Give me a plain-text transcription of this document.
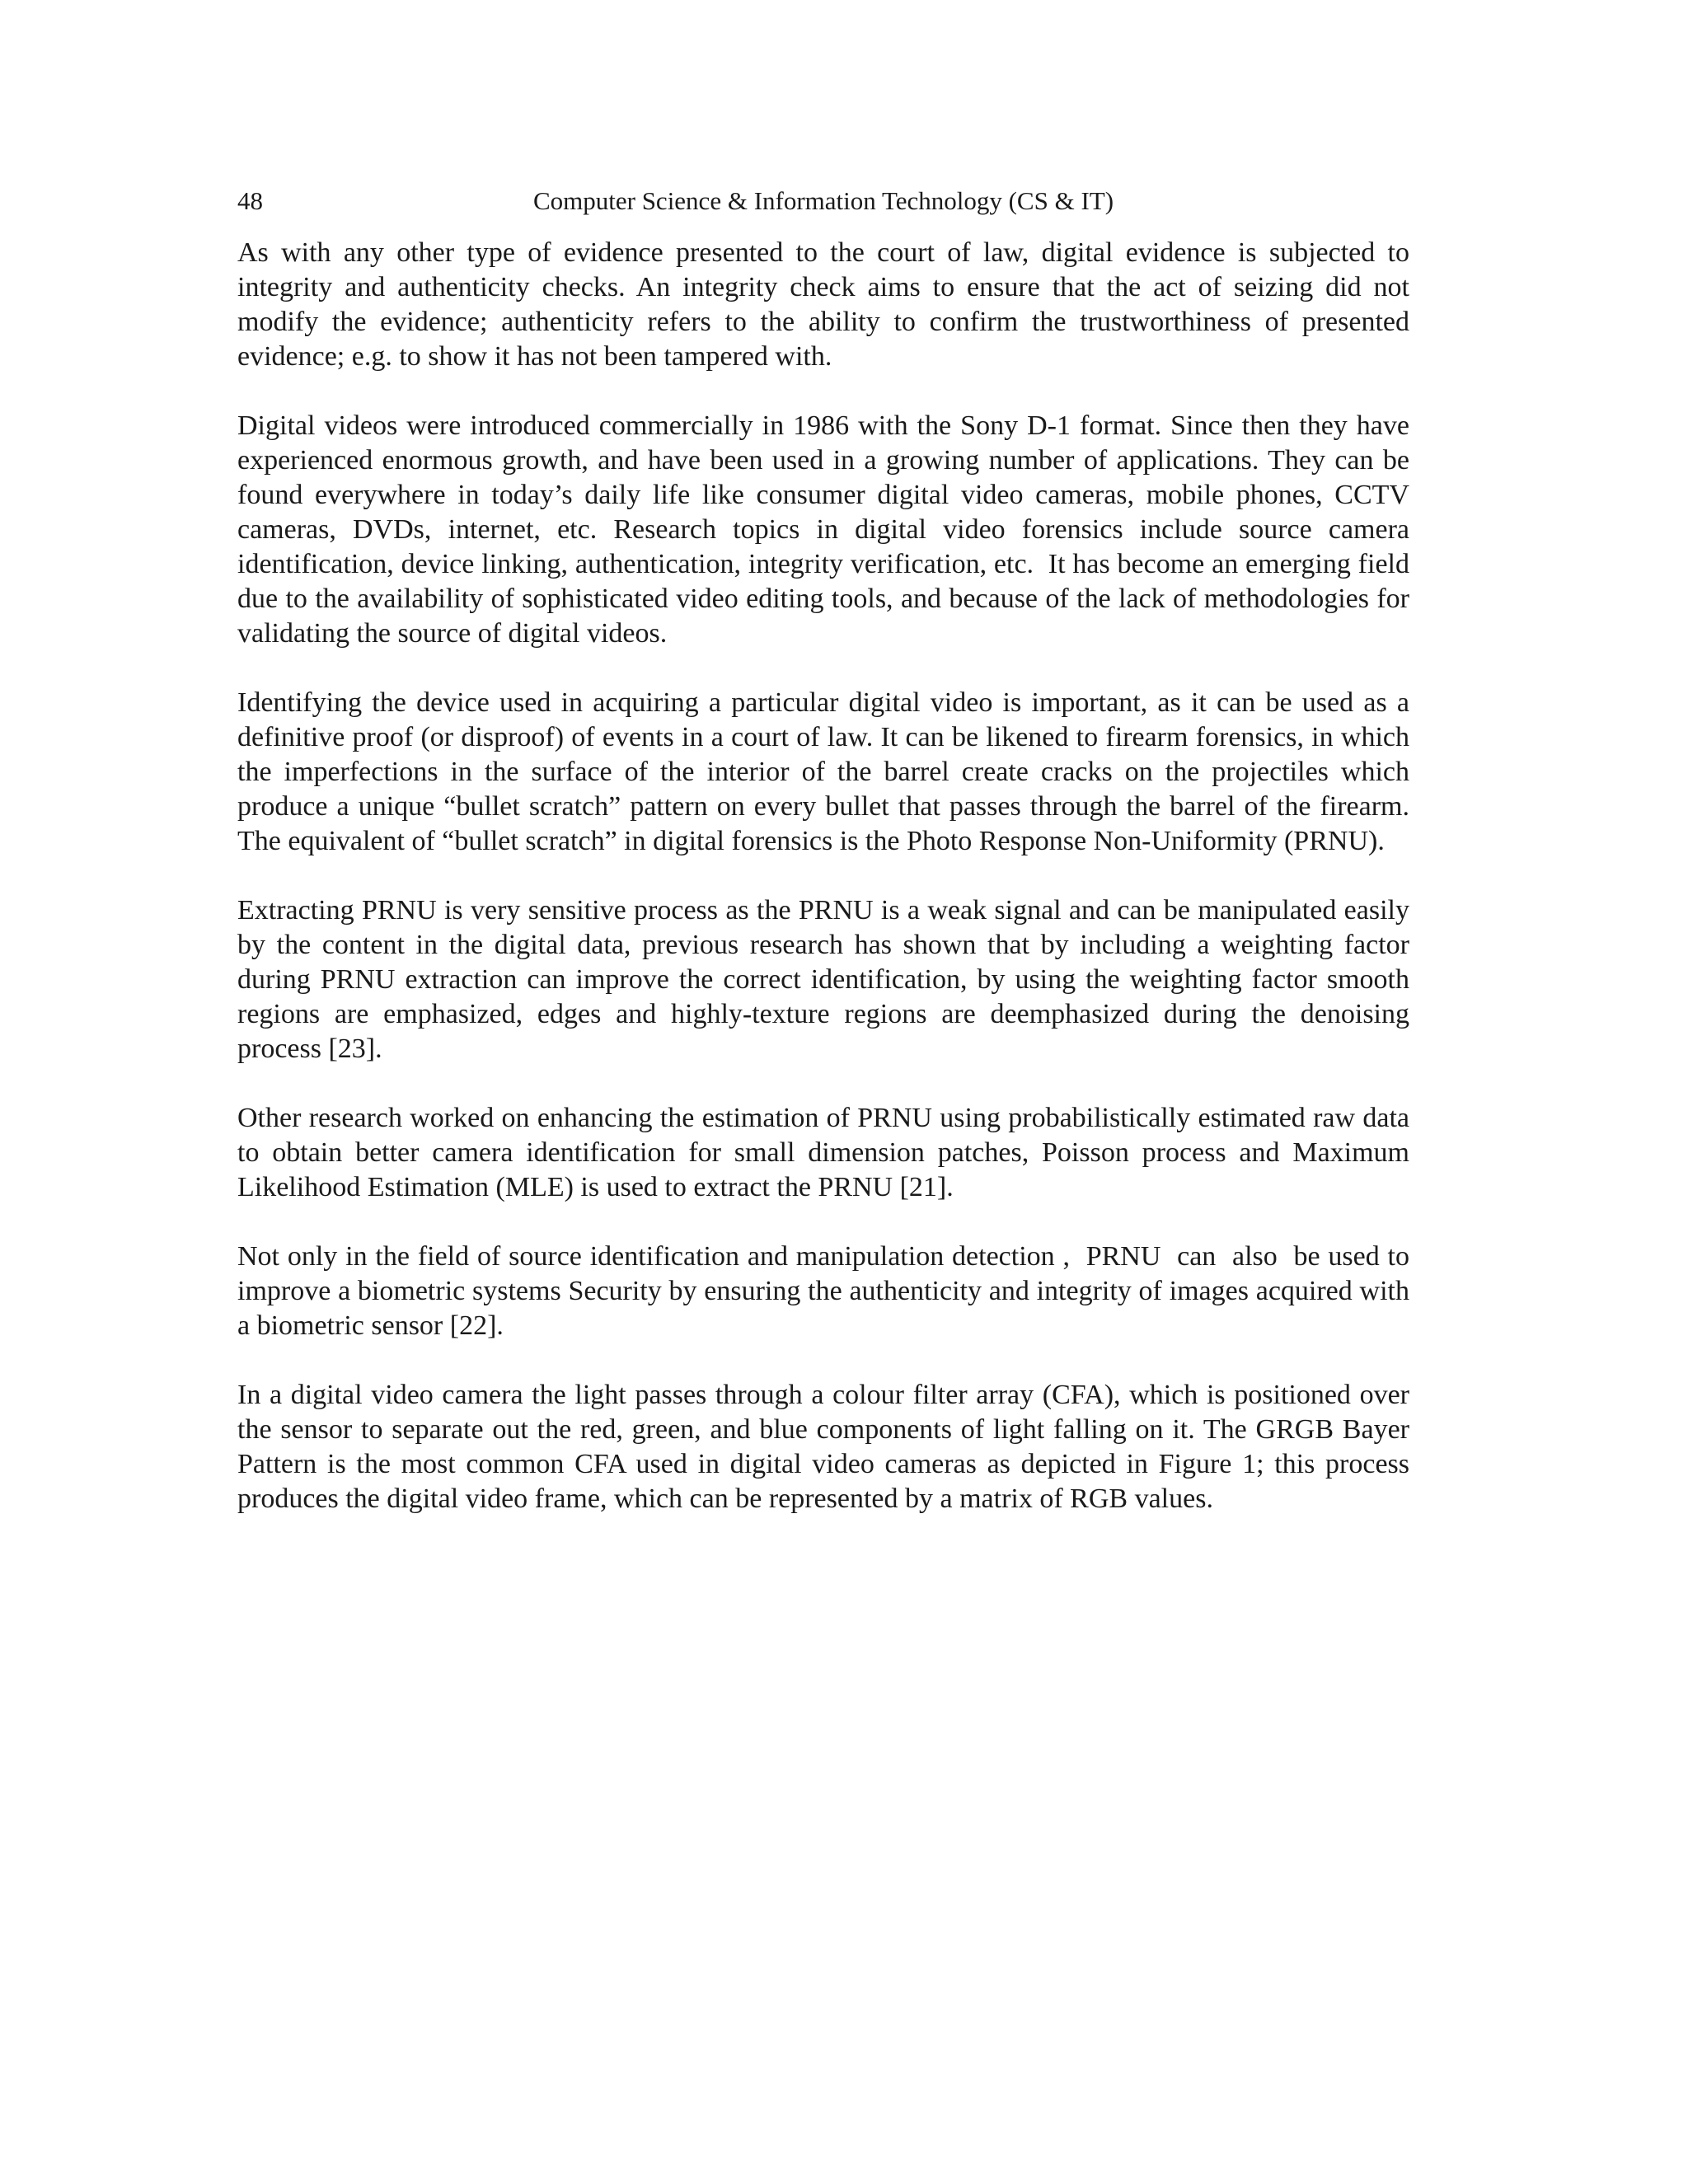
48	Computer Science & Information Technology (CS & IT)

As with any other type of evidence presented to the court of law, digital evidence is subjected to integrity and authenticity checks. An integrity check aims to ensure that the act of seizing did not modify the evidence; authenticity refers to the ability to confirm the trustworthiness of presented evidence; e.g. to show it has not been tampered with.

Digital videos were introduced commercially in 1986 with the Sony D-1 format. Since then they have experienced enormous growth, and have been used in a growing number of applications. They can be found everywhere in today’s daily life like consumer digital video cameras, mobile phones, CCTV cameras, DVDs, internet, etc. Research topics in digital video forensics include source camera identification, device linking, authentication, integrity verification, etc.  It has become an emerging field due to the availability of sophisticated video editing tools, and because of the lack of methodologies for validating the source of digital videos.

Identifying the device used in acquiring a particular digital video is important, as it can be used as a definitive proof (or disproof) of events in a court of law. It can be likened to firearm forensics, in which the imperfections in the surface of the interior of the barrel create cracks on the projectiles which produce a unique “bullet scratch” pattern on every bullet that passes through the barrel of the firearm. The equivalent of “bullet scratch” in digital forensics is the Photo Response Non-Uniformity (PRNU).

Extracting PRNU is very sensitive process as the PRNU is a weak signal and can be manipulated easily by the content in the digital data, previous research has shown that by including a weighting factor during PRNU extraction can improve the correct identification, by using the weighting factor smooth regions are emphasized, edges and highly-texture regions are deemphasized during the denoising process [23].

Other research worked on enhancing the estimation of PRNU using probabilistically estimated raw data to obtain better camera identification for small dimension patches, Poisson process and Maximum Likelihood Estimation (MLE) is used to extract the PRNU [21].

Not only in the field of source identification and manipulation detection ,  PRNU  can  also  be used to improve a biometric systems Security by ensuring the authenticity and integrity of images acquired with a biometric sensor [22].

In a digital video camera the light passes through a colour filter array (CFA), which is positioned over the sensor to separate out the red, green, and blue components of light falling on it. The GRGB Bayer Pattern is the most common CFA used in digital video cameras as depicted in Figure 1; this process produces the digital video frame, which can be represented by a matrix of RGB values.
